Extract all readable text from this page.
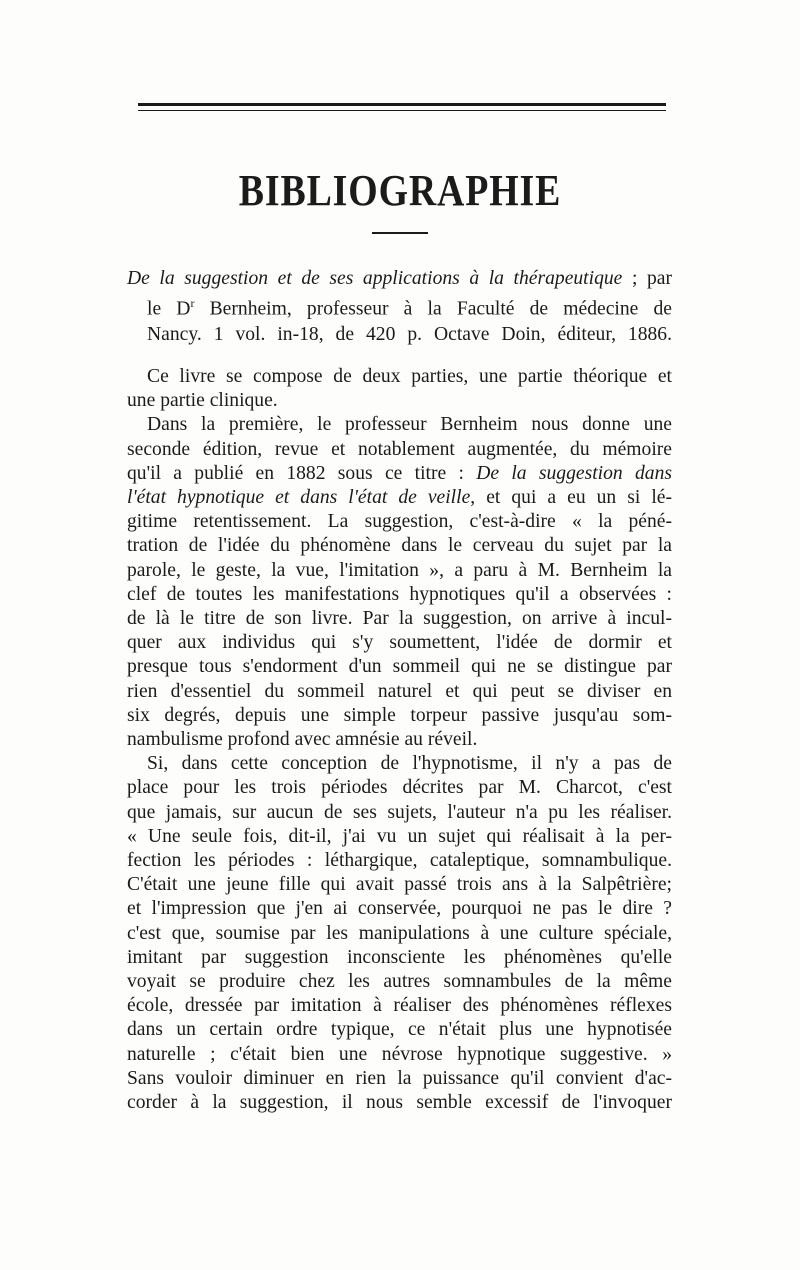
BIBLIOGRAPHIE
De la suggestion et de ses applications à la thérapeutique ; par
le $D^r$ Bernheim, professeur à la Faculté de médecine de
Nancy. 1 vol. in-18, de 420 p. Octave Doin, éditeur, 1886.
Ce livre se compose de deux parties, une partie théorique et
une partie clinique.
Dans la première, le professeur Bernheim nous donne une
seconde édition, revue et notablement augmentée, du mémoire
qu'il a publié en 1882 sous ce titre : De la suggestion dans
l'état hypnotique et dans l'état de veille, et qui a eu un si lé-
gitime retentissement. La suggestion, c'est-à-dire « la péné-
tration de l'idée du phénomène dans le cerveau du sujet par la
parole, le geste, la vue, l'imitation », a paru à M. Bernheim la
clef de toutes les manifestations hypnotiques qu'il a observées :
de là le titre de son livre. Par la suggestion, on arrive à incul-
quer aux individus qui s'y soumettent, l'idée de dormir et
presque tous s'endorment d'un sommeil qui ne se distingue par
rien d'essentiel du sommeil naturel et qui peut se diviser en
six degrés, depuis une simple torpeur passive jusqu'au som-
nambulisme profond avec amnésie au réveil.
Si, dans cette conception de l'hypnotisme, il n'y a pas de
place pour les trois périodes décrites par M. Charcot, c'est
que jamais, sur aucun de ses sujets, l'auteur n'a pu les réaliser.
« Une seule fois, dit-il, j'ai vu un sujet qui réalisait à la per-
fection les périodes : léthargique, cataleptique, somnambulique.
C'était une jeune fille qui avait passé trois ans à la Salpêtrière;
et l'impression que j'en ai conservée, pourquoi ne pas le dire ?
c'est que, soumise par les manipulations à une culture spéciale,
imitant par suggestion inconsciente les phénomènes qu'elle
voyait se produire chez les autres somnambules de la même
école, dressée par imitation à réaliser des phénomènes réflexes
dans un certain ordre typique, ce n'était plus une hypnotisée
naturelle ; c'était bien une névrose hypnotique suggestive. »
Sans vouloir diminuer en rien la puissance qu'il convient d'ac-
corder à la suggestion, il nous semble excessif de l'invoquer
